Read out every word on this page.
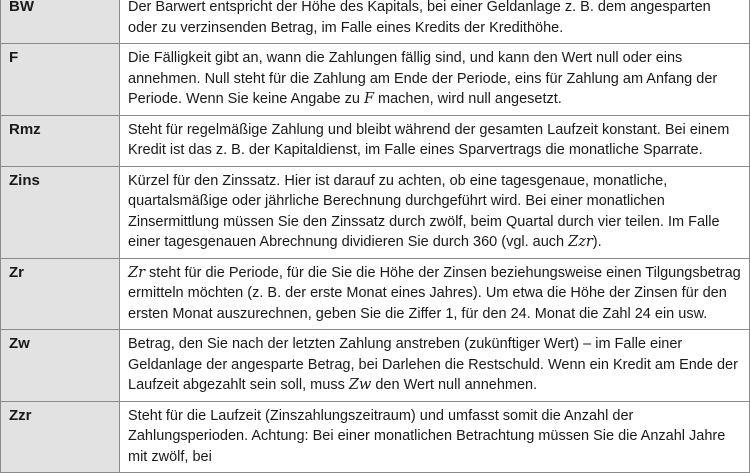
BW	Der Barwert entspricht der Höhe des Kapitals, bei einer Geldanlage z. B. dem angesparten oder zu verzinsenden Betrag, im Falle eines Kredits der Kredithöhe.
F	Die Fälligkeit gibt an, wann die Zahlungen fällig sind, und kann den Wert null oder eins annehmen. Null steht für die Zahlung am Ende der Periode, eins für Zahlung am Anfang der Periode. Wenn Sie keine Angabe zu F machen, wird null angesetzt.
Rmz	Steht für regelmäßige Zahlung und bleibt während der gesamten Laufzeit konstant. Bei einem Kredit ist das z. B. der Kapitaldienst, im Falle eines Sparvertrags die monatliche Sparrate.
Zins	Kürzel für den Zinssatz. Hier ist darauf zu achten, ob eine tagesgenaue, monatliche, quartalsmäßige oder jährliche Berechnung durchgeführt wird. Bei einer monatlichen Zinsermittlung müssen Sie den Zinssatz durch zwölf, beim Quartal durch vier teilen. Im Falle einer tagesgenauen Abrechnung dividieren Sie durch 360 (vgl. auch Zzr).
Zr	Zr steht für die Periode, für die Sie die Höhe der Zinsen beziehungsweise einen Tilgungsbetrag ermitteln möchten (z. B. der erste Monat eines Jahres). Um etwa die Höhe der Zinsen für den ersten Monat auszurechnen, geben Sie die Ziffer 1, für den 24. Monat die Zahl 24 ein usw.
Zw	Betrag, den Sie nach der letzten Zahlung anstreben (zukünftiger Wert) – im Falle einer Geldanlage der angesparte Betrag, bei Darlehen die Restschuld. Wenn ein Kredit am Ende der Laufzeit abgezahlt sein soll, muss Zw den Wert null annehmen.
Zzr	Steht für die Laufzeit (Zinszahlungszeitraum) und umfasst somit die Anzahl der Zahlungsperioden. Achtung: Bei einer monatlichen Betrachtung müssen Sie die Anzahl Jahre mit zwölf, bei
